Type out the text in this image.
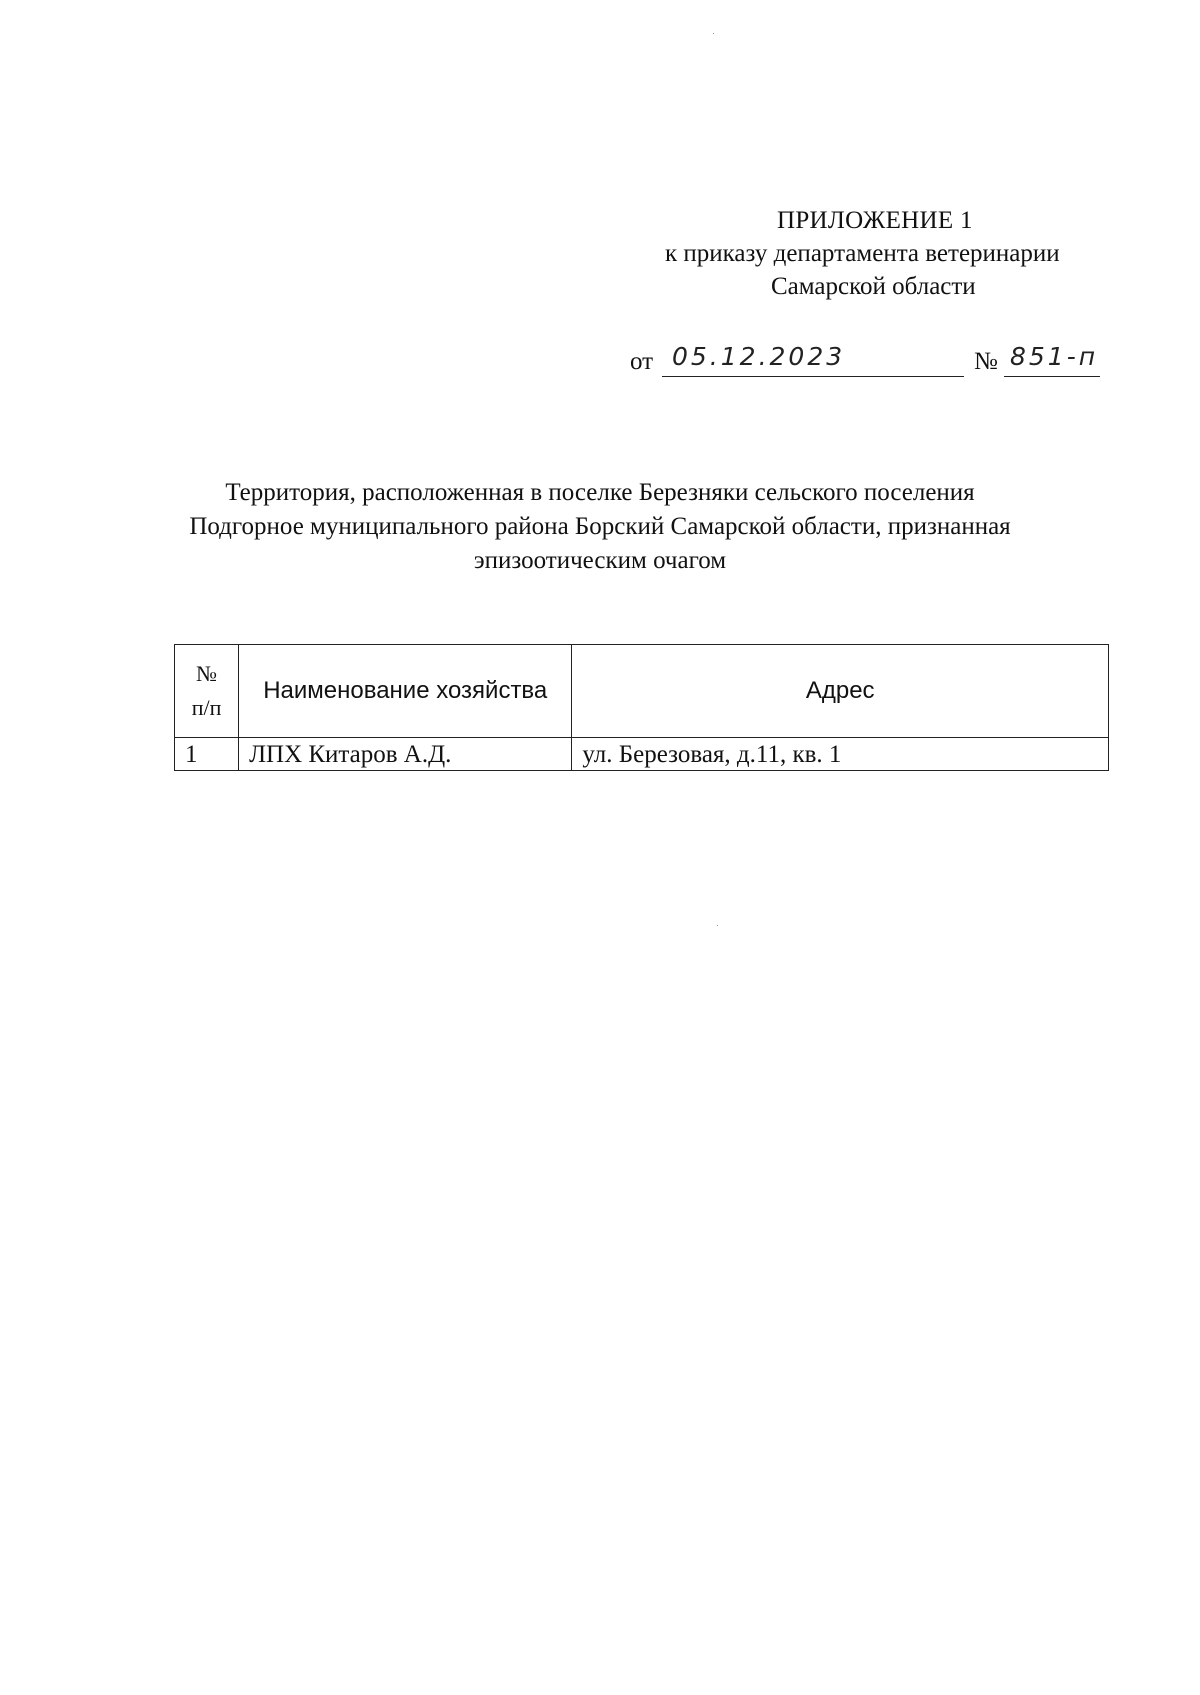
ПРИЛОЖЕНИЕ 1
к приказу департамента ветеринарии
Самарской области
от 05.12.2023	№ 851-п
Территория, расположенная в поселке Березняки сельского поселения
Подгорное муниципального района Борский Самарской области, признанная
эпизоотическим очагом
№
п/п	Наименование хозяйства	Адрес
1	ЛПХ Китаров А.Д.	ул. Березовая, д.11, кв. 1
